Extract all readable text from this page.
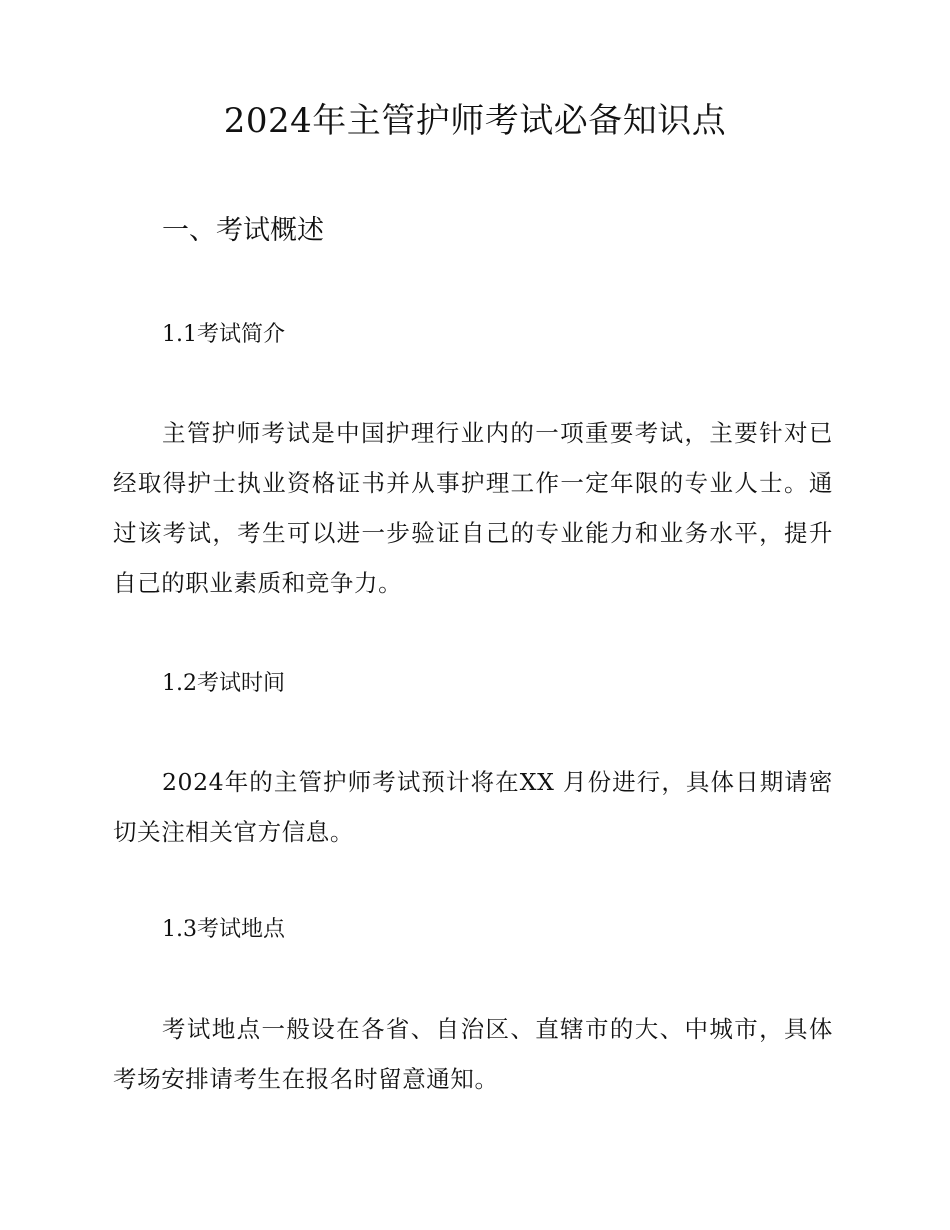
2024年主管护师考试必备知识点
一、考试概述
1.1考试简介

主管护师考试是中国护理行业内的一项重要考试，主要针对已经取得护士执业资格证书并从事护理工作一定年限的专业人士。通过该考试，考生可以进一步验证自己的专业能力和业务水平，提升自己的职业素质和竞争力。

1.2考试时间

2024年的主管护师考试预计将在XX 月份进行，具体日期请密切关注相关官方信息。

1.3考试地点

考试地点一般设在各省、自治区、直辖市的大、中城市，具体考场安排请考生在报名时留意通知。
